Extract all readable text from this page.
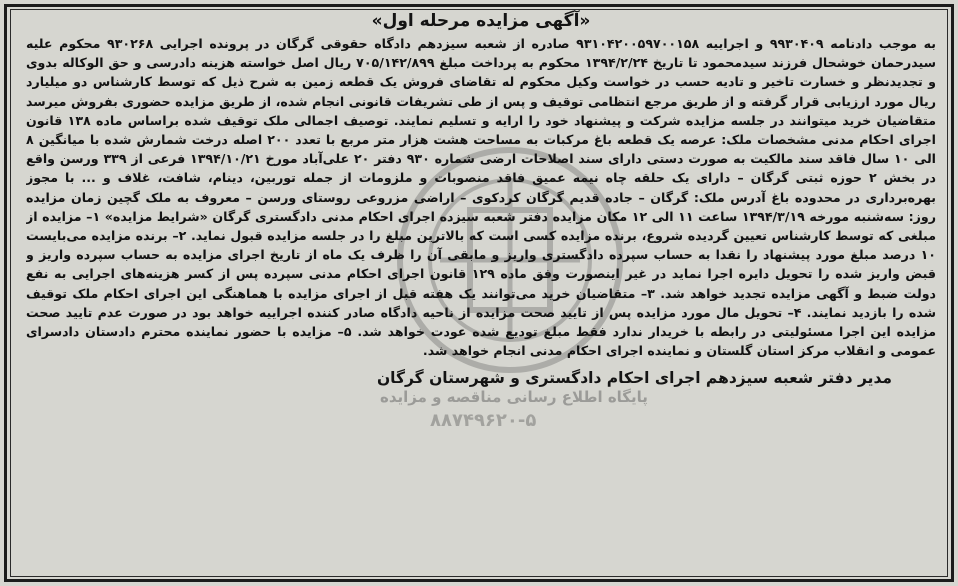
پایگاه اطلاع رسانی مناقصه و مزایده
۸۸۷۴۹۶۲۰-۵
«آگهی مزایده مرحله اول»

به موجب دادنامه ۹۹۳۰۴۰۹ و اجراییه ۹۳۱۰۴۲۰۰۵۹۷۰۰۱۵۸ صادره از شعبه سیزدهم دادگاه حقوقی گرگان در پرونده اجرایی ۹۳۰۲۶۸ محکوم علیه سیدرحمان خوشحال فرزند سیدمحمود تا تاریخ ۱۳۹۴/۲/۲۴ محکوم به پرداخت مبلغ ۷۰۵/۱۴۲/۸۹۹ ریال اصل خواسته هزینه دادرسی و حق الوکاله بدوی و تجدیدنظر و خسارت تاخیر و تادیه حسب در خواست وکیل محکوم له تقاضای فروش یک قطعه زمین به شرح ذیل که توسط کارشناس دو میلیارد ریال مورد ارزیابی قرار گرفته و از طریق مرجع انتظامی توقیف و پس از طی تشریفات قانونی انجام شده، از طریق مزایده حضوری بفروش میرسد متقاضیان خرید میتوانند در جلسه مزایده شرکت و پیشنهاد خود را ارایه و تسلیم نمایند. توصیف اجمالی ملک توقیف شده براساس ماده ۱۳۸ قانون اجرای احکام مدنی مشخصات ملک: عرصه یک قطعه باغ مرکبات به مساحت هشت هزار متر مربع با تعدد ۲۰۰ اصله درخت شمارش شده با میانگین ۸ الی ۱۰ سال فاقد سند مالکیت به صورت دستی دارای سند اصلاحات ارضی شماره ۹۳۰ دفتر ۲۰ علی‌آباد مورخ ۱۳۹۴/۱۰/۲۱ فرعی از ۳۳۹ ورسن واقع در بخش ۲ حوزه ثبتی گرگان – دارای یک حلقه چاه نیمه عمیق فاقد منصوبات و ملزومات از جمله توربین، دینام، شافت، غلاف و ... با مجوز بهره‌برداری در محدوده باغ آدرس ملک: گرگان – جاده قدیم گرگان کردکوی – اراضی مزروعی روستای ورسن – معروف به ملک گچین زمان مزایده روز: سه‌شنبه مورخه ۱۳۹۴/۳/۱۹ ساعت ۱۱ الی ۱۲ مکان مزایده دفتر شعبه سیزده اجرای احکام مدنی دادگستری گرگان «شرایط مزایده» ۱– مزایده از مبلغی که توسط کارشناس تعیین گردیده شروع، برنده مزایده کسی است که بالاترین مبلغ را در جلسه مزایده قبول نماید. ۲– برنده مزایده می‌بایست ۱۰ درصد مبلغ مورد پیشنهاد را نقدا به حساب سپرده دادگستری واریز و مابقی آن را ظرف یک ماه از تاریخ اجرای مزایده به حساب سپرده واریز و قبض واریز شده را تحویل دایره اجرا نماید در غیر اینصورت وفق ماده ۱۲۹ قانون اجرای احکام مدنی سپرده پس از کسر هزینه‌های اجرایی به نفع دولت ضبط و آگهی مزایده تجدید خواهد شد. ۳– متقاضیان خرید می‌توانند یک هفته قبل از اجرای مزایده با هماهنگی این اجرای احکام ملک توقیف شده را بازدید نمایند. ۴– تحویل مال مورد مزایده پس از تایید صحت مزایده از ناحیه دادگاه صادر کننده اجراییه خواهد بود در صورت عدم تایید صحت مزایده این اجرا مسئولیتی در رابطه با خریدار ندارد فقط مبلغ تودیع شده عودت خواهد شد. ۵– مزایده با حضور نماینده محترم دادستان دادسرای عمومی و انقلاب مرکز استان گلستان و نماینده اجرای احکام مدنی انجام خواهد شد.

مدیر دفتر شعبه سیزدهم اجرای احکام دادگستری و شهرستان گرگان
